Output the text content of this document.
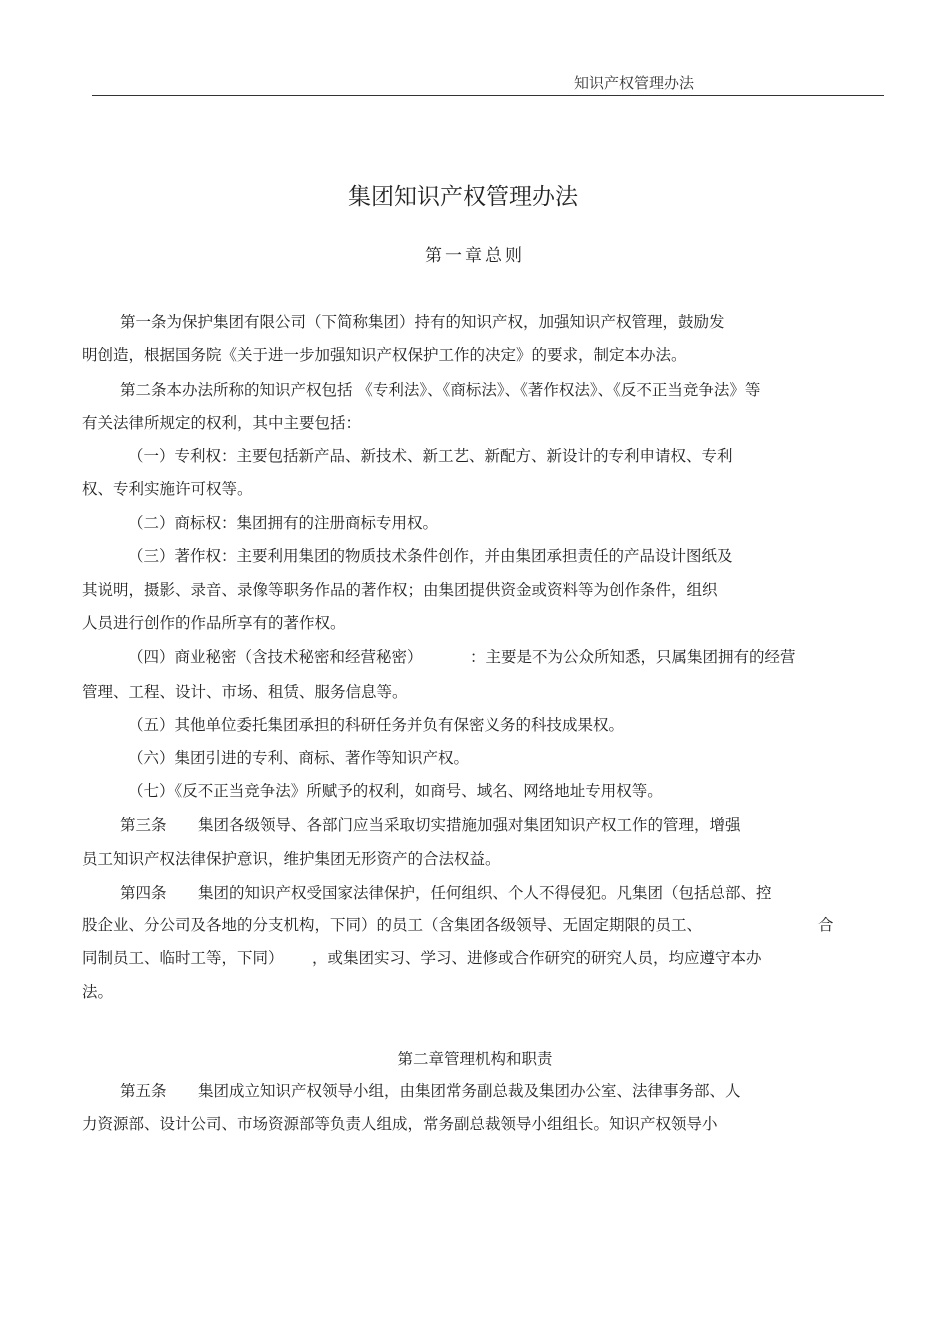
知识产权管理办法
集团知识产权管理办法
第一章总则
第一条为保护集团有限公司（下简称集团）持有的知识产权，加强知识产权管理，鼓励发
明创造，根据国务院《关于进一步加强知识产权保护工作的决定》的要求，制定本办法。
第二条本办法所称的知识产权包括 《专利法》、《商标法》、《著作权法》、《反不正当竞争法》等
有关法律所规定的权利，其中主要包括：
（一）专利权：主要包括新产品、新技术、新工艺、新配方、新设计的专利申请权、专利
权、专利实施许可权等。
（二）商标权：集团拥有的注册商标专用权。
（三）著作权：主要利用集团的物质技术条件创作，并由集团承担责任的产品设计图纸及
其说明，摄影、录音、录像等职务作品的著作权；由集团提供资金或资料等为创作条件，组织
人员进行创作的作品所享有的著作权。
（四）商业秘密（含技术秘密和经营秘密）	：主要是不为公众所知悉，只属集团拥有的经营
管理、工程、设计、市场、租赁、服务信息等。
（五）其他单位委托集团承担的科研任务并负有保密义务的科技成果权。
（六）集团引进的专利、商标、著作等知识产权。
（七）《反不正当竞争法》所赋予的权利，如商号、域名、网络地址专用权等。
第三条 集团各级领导、各部门应当采取切实措施加强对集团知识产权工作的管理，增强
员工知识产权法律保护意识，维护集团无形资产的合法权益。
第四条 集团的知识产权受国家法律保护，任何组织、个人不得侵犯。凡集团（包括总部、控
股企业、分公司及各地的分支机构，下同）的员工（含集团各级领导、无固定期限的员工、	合
同制员工、临时工等，下同） ，或集团实习、学习、进修或合作研究的研究人员，均应遵守本办
法。
第二章管理机构和职责
第五条 集团成立知识产权领导小组，由集团常务副总裁及集团办公室、法律事务部、人
力资源部、设计公司、市场资源部等负责人组成，常务副总裁领导小组组长。知识产权领导小
